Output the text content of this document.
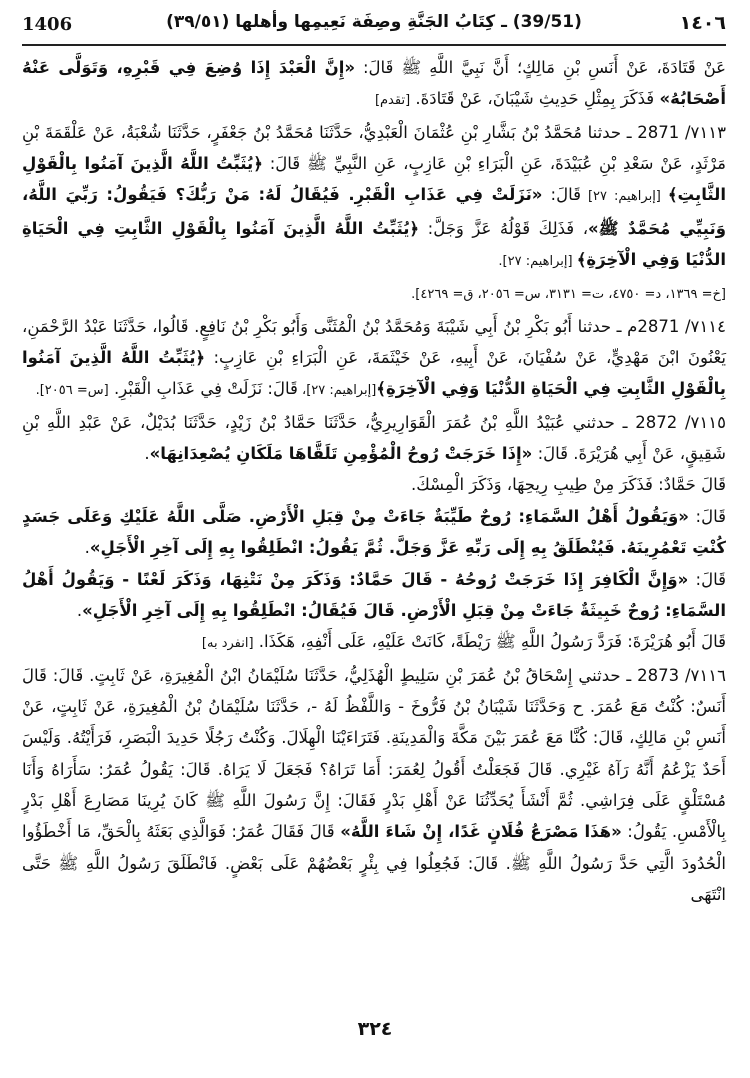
1406	(39/51) ـ كِتَابُ الجَنَّةِ وصِفَة نَعِيمِها وأهلها (٣٩/٥١)	١٤٠٦

عَنْ قَتَادَةَ، عَنْ أَنَسِ بْنِ مَالِكٍ؛ أَنَّ نَبِيَّ اللَّهِ ﷺ قَالَ: «إِنَّ الْعَبْدَ إِذَا وُضِعَ فِي قَبْرِهِ، وَتَوَلَّى عَنْهُ أَصْحَابُهُ» فَذَكَرَ بِمِثْلِ حَدِيثِ شَيْبَانَ، عَنْ قَتَادَةَ. [تقدم]

٧١١٣/ 2871 ـ حدثنا مُحَمَّدُ بْنُ بَشَّارِ بْنِ عُثْمَانَ الْعَبْدِيُّ، حَدَّثَنَا مُحَمَّدُ بْنُ جَعْفَرٍ، حَدَّثَنَا شُعْبَةُ، عَنْ عَلْقَمَةَ بْنِ مَرْثَدٍ، عَنْ سَعْدِ بْنِ عُبَيْدَةَ، عَنِ الْبَرَاءِ بْنِ عَازِبٍ، عَنِ النَّبِيِّ ﷺ قَالَ: ﴿يُثَبِّتُ اللَّهُ الَّذِينَ آمَنُوا بِالْقَوْلِ الثَّابِتِ﴾ [إبراهيم: ٢٧] قَالَ: «نَزَلَتْ فِي عَذَابِ الْقَبْرِ. فَيُقَالُ لَهُ: مَنْ رَبُّكَ؟ فَيَقُولُ: رَبِّيَ اللَّهُ، وَنَبِيِّي مُحَمَّدٌ ﷺ»، فَذَلِكَ قَوْلُهُ عَزَّ وَجَلَّ: ﴿يُثَبِّتُ اللَّهُ الَّذِينَ آمَنُوا بِالْقَوْلِ الثَّابِتِ فِي الْحَيَاةِ الدُّنْيَا وَفِي الْآخِرَةِ﴾ [إبراهيم: ٢٧].

[خ= ١٣٦٩، د= ٤٧٥٠، ت= ٣١٣١، س= ٢٠٥٦، ق= ٤٢٦٩].

٧١١٤/ 2871م ـ حدثنا أَبُو بَكْرِ بْنُ أَبِي شَيْبَةَ وَمُحَمَّدُ بْنُ الْمُثَنَّى وَأَبُو بَكْرِ بْنُ نَافِعٍ. قَالُوا، حَدَّثَنَا عَبْدُ الرَّحْمَنِ، يَعْنُونَ ابْنَ مَهْدِيٍّ، عَنْ سُفْيَانَ، عَنْ أَبِيهِ، عَنْ خَيْثَمَةَ، عَنِ الْبَرَاءِ بْنِ عَازِبٍ: ﴿يُثَبِّتُ اللَّهُ الَّذِينَ آمَنُوا بِالْقَوْلِ الثَّابِتِ فِي الْحَيَاةِ الدُّنْيَا وَفِي الْآخِرَةِ﴾[إبراهيم: ٢٧]، قَالَ: نَزَلَتْ فِي عَذَابِ الْقَبْرِ. [س= ٢٠٥٦].

٧١١٥/ 2872 ـ حدثني عُبَيْدُ اللَّهِ بْنُ عُمَرَ الْقَوَارِيرِيُّ، حَدَّثَنَا حَمَّادُ بْنُ زَيْدٍ، حَدَّثَنَا بُدَيْلٌ، عَنْ عَبْدِ اللَّهِ بْنِ شَقِيقٍ، عَنْ أَبِي هُرَيْرَةَ. قَالَ: «إِذَا خَرَجَتْ رُوحُ الْمُؤْمِنِ تَلَقَّاهَا مَلَكَانِ يُصْعِدَانِهَا».

قَالَ حَمَّادٌ: فَذَكَرَ مِنْ طِيبِ رِيحِهَا، وَذَكَرَ الْمِسْكَ.

قَالَ: «وَيَقُولُ أَهْلُ السَّمَاءِ: رُوحٌ طَيِّبَةٌ جَاءَتْ مِنْ قِبَلِ الْأَرْضِ. صَلَّى اللَّهُ عَلَيْكِ وَعَلَى جَسَدٍ كُنْتِ تَعْمُرِينَهُ. فَيُنْطَلَقُ بِهِ إِلَى رَبِّهِ عَزَّ وَجَلَّ. ثُمَّ يَقُولُ: انْطَلِقُوا بِهِ إِلَى آخِرِ الْأَجَلِ».

قَالَ: «وَإِنَّ الْكَافِرَ إِذَا خَرَجَتْ رُوحُهُ - قَالَ حَمَّادٌ: وَذَكَرَ مِنْ نَتْنِهَا، وَذَكَرَ لَعْنًا - وَيَقُولُ أَهْلُ السَّمَاءِ: رُوحٌ خَبِيثَةٌ جَاءَتْ مِنْ قِبَلِ الْأَرْضِ. قَالَ فَيُقَالُ: انْطَلِقُوا بِهِ إِلَى آخِرِ الْأَجَلِ».

قَالَ أَبُو هُرَيْرَةَ: فَرَدَّ رَسُولُ اللَّهِ ﷺ رَيْطَةً، كَانَتْ عَلَيْهِ، عَلَى أَنْفِهِ، هَكَذَا. [انفرد به]

٧١١٦/ 2873 ـ حدثني إِسْحَاقُ بْنُ عُمَرَ بْنِ سَلِيطٍ الْهُذَلِيُّ، حَدَّثَنَا سُلَيْمَانُ ابْنُ الْمُغِيرَةِ، عَنْ ثَابِتٍ. قَالَ: قَالَ أَنَسٌ: كُنْتُ مَعَ عُمَرَ. ح وَحَدَّثَنَا شَيْبَانُ بْنُ فَرُّوخَ - وَاللَّفْظُ لَهُ -، حَدَّثَنَا سُلَيْمَانُ بْنُ الْمُغِيرَةِ، عَنْ ثَابِتٍ، عَنْ أَنَسِ بْنِ مَالِكٍ، قَالَ: كُنَّا مَعَ عُمَرَ بَيْنَ مَكَّةَ وَالْمَدِينَةِ. فَتَرَاءَيْنَا الْهِلَالَ. وَكُنْتُ رَجُلًا حَدِيدَ الْبَصَرِ، فَرَأَيْتُهُ. وَلَيْسَ أَحَدٌ يَزْعُمُ أَنَّهُ رَآهُ غَيْرِي. قَالَ فَجَعَلْتُ أَقُولُ لِعُمَرَ: أَمَا تَرَاهُ؟ فَجَعَلَ لَا يَرَاهُ. قَالَ: يَقُولُ عُمَرُ: سَأَرَاهُ وَأَنَا مُسْتَلْقٍ عَلَى فِرَاشِي. ثُمَّ أَنْشَأَ يُحَدِّثُنَا عَنْ أَهْلِ بَدْرٍ فَقَالَ: إِنَّ رَسُولَ اللَّهِ ﷺ كَانَ يُرِينَا مَصَارِعَ أَهْلِ بَدْرٍ بِالْأَمْسِ. يَقُولُ: «هَذَا مَصْرَعُ فُلَانٍ غَدًا، إِنْ شَاءَ اللَّهُ» قَالَ فَقَالَ عُمَرُ: فَوَالَّذِي بَعَثَهُ بِالْحَقِّ، مَا أَخْطَؤُوا الْحُدُودَ الَّتِي حَدَّ رَسُولُ اللَّهِ ﷺ. قَالَ: فَجُعِلُوا فِي بِئْرٍ بَعْضُهُمْ عَلَى بَعْضٍ. فَانْطَلَقَ رَسُولُ اللَّهِ ﷺ حَتَّى انْتَهَى

٣٢٤
